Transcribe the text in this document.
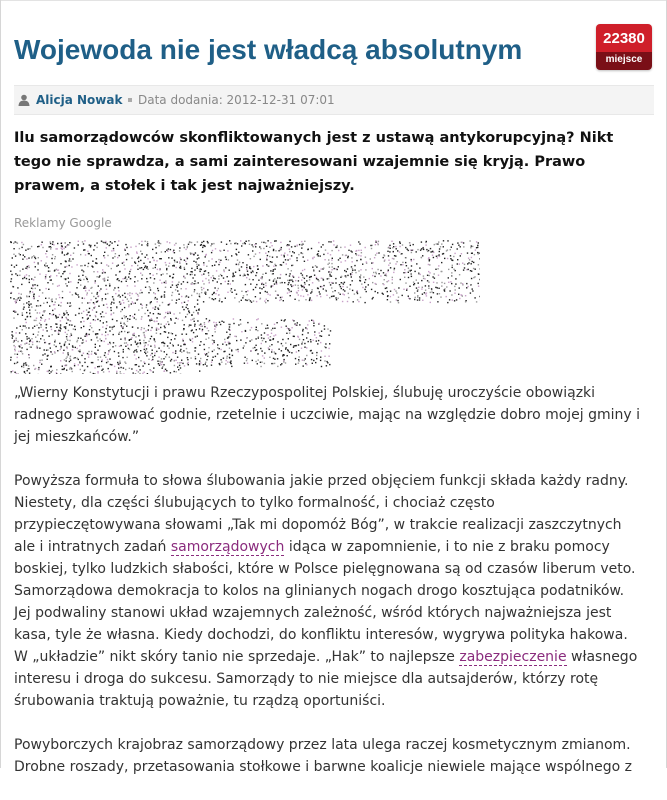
Wojewoda nie jest władcą absolutnym	22380
miejsce
Alicja Nowak Data dodania: 2012-12-31 07:01

Ilu samorządowców skonfliktowanych jest z ustawą antykorupcyjną? Nikt tego nie sprawdza, a sami zainteresowani wzajemnie się kryją. Prawo prawem, a stołek i tak jest najważniejszy.

Reklamy Google

„Wierny Konstytucji i prawu Rzeczypospolitej Polskiej, ślubuję uroczyście obowiązki radnego sprawować godnie, rzetelnie i uczciwie, mając na względzie dobro mojej gminy i jej mieszkańców.”

Powyższa formuła to słowa ślubowania jakie przed objęciem funkcji składa każdy radny. Niestety, dla części ślubujących to tylko formalność, i chociaż często przypieczętowywana słowami „Tak mi dopomóż Bóg”, w trakcie realizacji zaszczytnych ale i intratnych zadań samorządowych idąca w zapomnienie, i to nie z braku pomocy boskiej, tylko ludzkich słabości, które w Polsce pielęgnowana są od czasów liberum veto. Samorządowa demokracja to kolos na glinianych nogach drogo kosztująca podatników. Jej podwaliny stanowi układ wzajemnych zależność, wśród których najważniejsza jest kasa, tyle że własna. Kiedy dochodzi, do konfliktu interesów, wygrywa polityka hakowa. W „układzie” nikt skóry tanio nie sprzedaje. „Hak” to najlepsze zabezpieczenie własnego interesu i droga do sukcesu. Samorządy to nie miejsce dla autsajderów, którzy rotę śrubowania traktują poważnie, tu rządzą oportuniści.

Powyborczych krajobraz samorządowy przez lata ulega raczej kosmetycznym zmianom. Drobne roszady, przetasowania stołkowe i barwne koalicje niewiele mające wspólnego z
